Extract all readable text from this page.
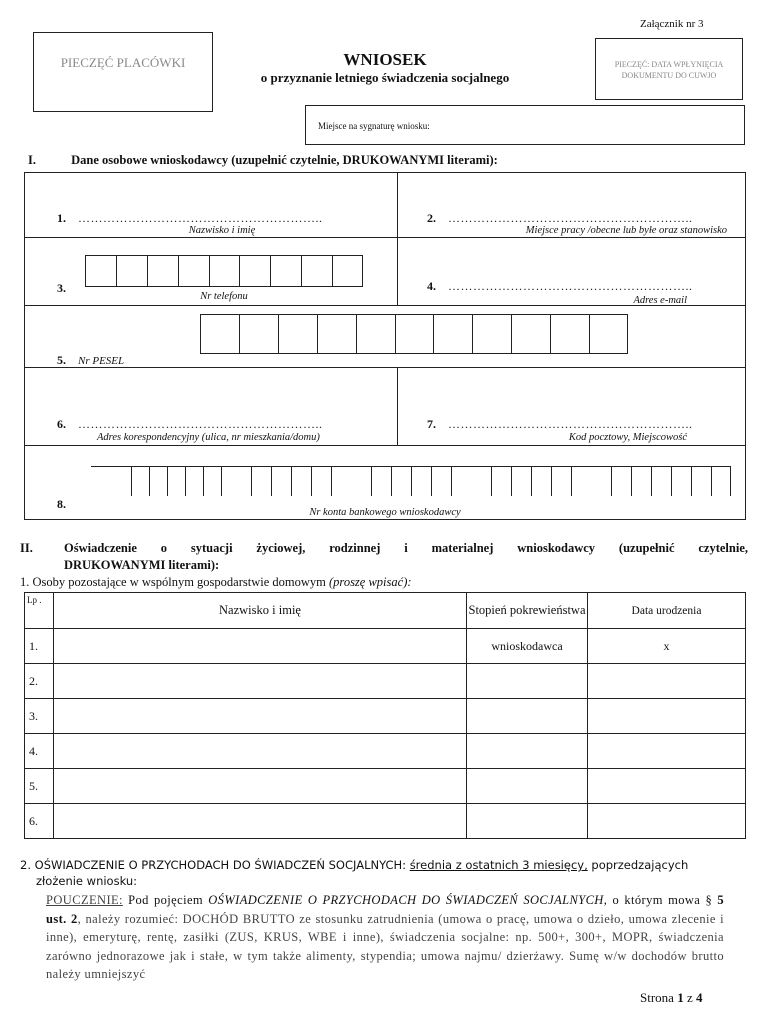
Załącznik nr 3
PIECZĘĆ PLACÓWKI	WNIOSEK
o przyznanie letniego świadczenia socjalnego
PIECZĘĆ: DATA WPŁYNIĘCIA DOKUMENTU DO CUWJO
Miejsce na sygnaturę wniosku:
I.	Dane osobowe wnioskodawcy (uzupełnić czytelnie, DRUKOWANYMI literami):
1. …………………………………………………..
Nazwisko i imię
2. …………………………………………………..
Miejsce pracy /obecne lub byłe oraz stanowisko
3.
Nr telefonu
4. …………………………………………………..
Adres e-mail
5. Nr PESEL
6. …………………………………………………..
Adres korespondencyjny (ulica, nr mieszkania/domu)
7. …………………………………………………..
Kod pocztowy, Miejscowość
8.
Nr konta bankowego wnioskodawcy
II.	Oświadczenie o sytuacji życiowej, rodzinnej i materialnej wnioskodawcy (uzupełnić czytelnie,
DRUKOWANYMI literami):
1. Osoby pozostające w wspólnym gospodarstwie domowym (proszę wpisać):
Lp .	Nazwisko i imię	Stopień pokrewieństwa	Data urodzenia
1.		wnioskodawca	x
2.			
3.			
4.			
5.			
6.			
2. OŚWIADCZENIE O PRZYCHODACH DO ŚWIADCZEŃ SOCJALNYCH: średnia z ostatnich 3 miesięcy, poprzedzających
złożenie wniosku:
POUCZENIE: Pod pojęciem OŚWIADCZENIE O PRZYCHODACH DO ŚWIADCZEŃ SOCJALNYCH, o którym mowa § 5 ust. 2, należy rozumieć: DOCHÓD BRUTTO ze stosunku zatrudnienia (umowa o pracę, umowa o dzieło, umowa zlecenie i inne), emeryturę, rentę, zasiłki (ZUS, KRUS, WBE i inne), świadczenia socjalne: np. 500+, 300+, MOPR, świadczenia zarówno jednorazowe jak i stałe, w tym także alimenty, stypendia; umowa najmu/ dzierżawy. Sumę w/w dochodów brutto należy umniejszyć
Strona 1 z 4
